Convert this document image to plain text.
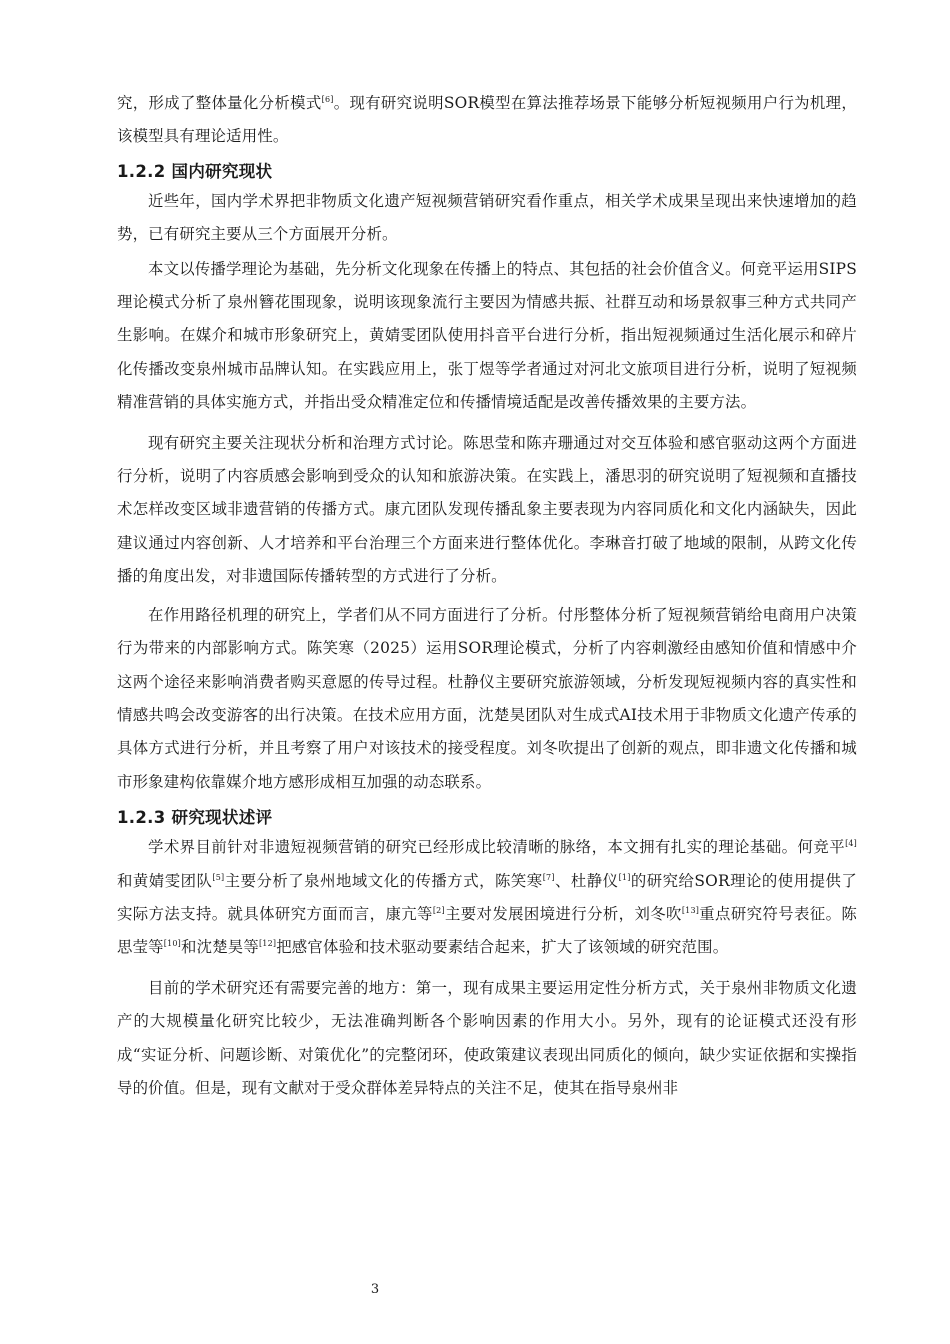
究，形成了整体量化分析模式[6]。现有研究说明SOR模型在算法推荐场景下能够分析短视频用户行为机理，该模型具有理论适用性。

1.2.2 国内研究现状

近些年，国内学术界把非物质文化遗产短视频营销研究看作重点，相关学术成果呈现出来快速增加的趋势，已有研究主要从三个方面展开分析。

本文以传播学理论为基础，先分析文化现象在传播上的特点、其包括的社会价值含义。何竞平运用SIPS理论模式分析了泉州簪花围现象，说明该现象流行主要因为情感共振、社群互动和场景叙事三种方式共同产生影响。在媒介和城市形象研究上，黄婧雯团队使用抖音平台进行分析，指出短视频通过生活化展示和碎片化传播改变泉州城市品牌认知。在实践应用上，张丁煜等学者通过对河北文旅项目进行分析，说明了短视频精准营销的具体实施方式，并指出受众精准定位和传播情境适配是改善传播效果的主要方法。

现有研究主要关注现状分析和治理方式讨论。陈思莹和陈卉珊通过对交互体验和感官驱动这两个方面进行分析，说明了内容质感会影响到受众的认知和旅游决策。在实践上，潘思羽的研究说明了短视频和直播技术怎样改变区域非遗营销的传播方式。康亢团队发现传播乱象主要表现为内容同质化和文化内涵缺失，因此建议通过内容创新、人才培养和平台治理三个方面来进行整体优化。李琳音打破了地域的限制，从跨文化传播的角度出发，对非遗国际传播转型的方式进行了分析。

在作用路径机理的研究上，学者们从不同方面进行了分析。付彤整体分析了短视频营销给电商用户决策行为带来的内部影响方式。陈笑寒（2025）运用SOR理论模式，分析了内容刺激经由感知价值和情感中介这两个途径来影响消费者购买意愿的传导过程。杜静仪主要研究旅游领域，分析发现短视频内容的真实性和情感共鸣会改变游客的出行决策。在技术应用方面，沈楚昊团队对生成式AI技术用于非物质文化遗产传承的具体方式进行分析，并且考察了用户对该技术的接受程度。刘冬吹提出了创新的观点，即非遗文化传播和城市形象建构依靠媒介地方感形成相互加强的动态联系。

1.2.3 研究现状述评

学术界目前针对非遗短视频营销的研究已经形成比较清晰的脉络，本文拥有扎实的理论基础。何竞平[4]和黄婧雯团队[5]主要分析了泉州地域文化的传播方式，陈笑寒[7]、杜静仪[1]的研究给SOR理论的使用提供了实际方法支持。就具体研究方面而言，康亢等[2]主要对发展困境进行分析，刘冬吹[13]重点研究符号表征。陈思莹等[10]和沈楚昊等[12]把感官体验和技术驱动要素结合起来，扩大了该领域的研究范围。

目前的学术研究还有需要完善的地方：第一，现有成果主要运用定性分析方式，关于泉州非物质文化遗产的大规模量化研究比较少，无法准确判断各个影响因素的作用大小。另外，现有的论证模式还没有形成“实证分析、问题诊断、对策优化”的完整闭环，使政策建议表现出同质化的倾向，缺少实证依据和实操指导的价值。但是，现有文献对于受众群体差异特点的关注不足，使其在指导泉州非

3
